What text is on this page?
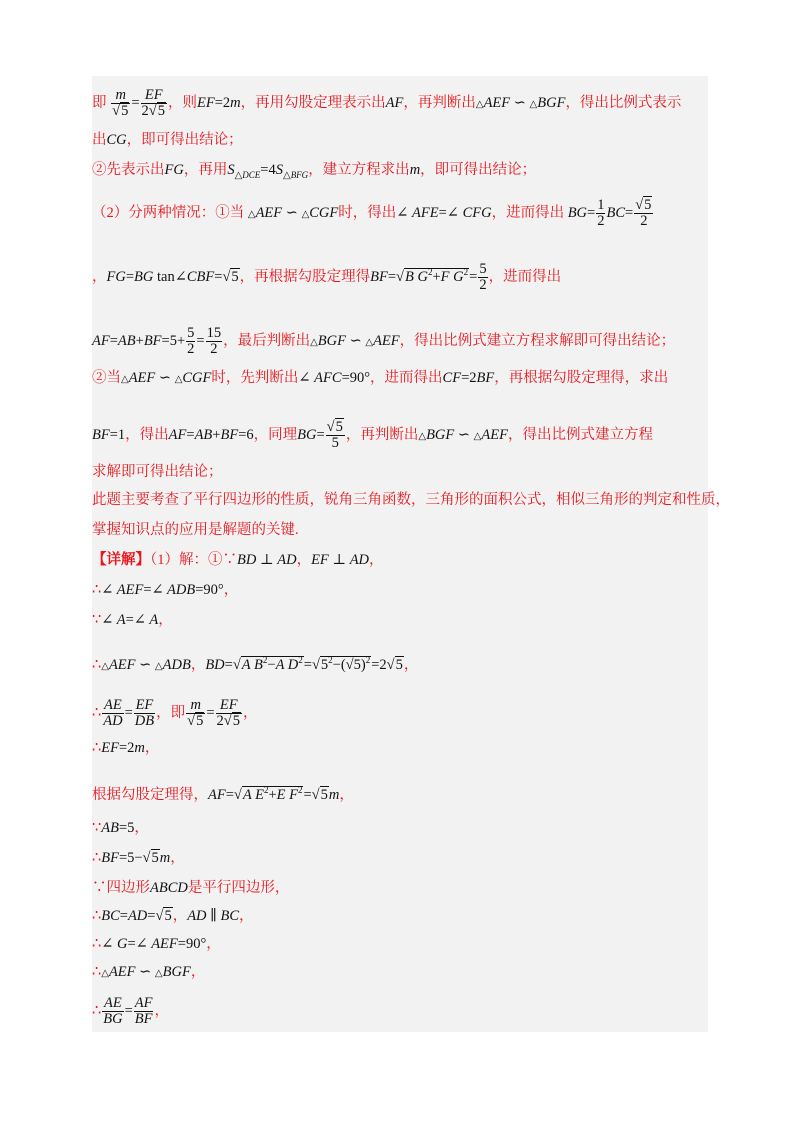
即 $\frac{m}{√5} = \frac{EF}{2√5}$ ，则EF=2m，再用勾股定理表示出AF，再判断出△AEF ∽ △BGF，得出比例式表示
出CG，即可得出结论；
②先表示出FG，再用$S_{\triangle DCE}=4S_{\triangle BFG}$，建立方程求出m，即可得出结论；
（2）分两种情况：①当 △AEF ∽ △CGF时，得出∠ AFE=∠ CFG，进而得出 $BG= \frac{1}{2} BC= \frac{√5}{2}$
，FG=BG tan∠CBF=√5，再根据勾股定理得BF=√B $G^2+F$ $G^2= \frac{5}{2}$ ，进而得出
$AF=AB+BF=5+ \frac{5}{2} = \frac{15}{2}$ ，最后判断出△BGF ∽ △AEF，得出比例式建立方程求解即可得出结论；
②当△AEF ∽ △CGF时，先判断出∠ AFC=90°，进而得出CF=2BF，再根据勾股定理得，求出
BF=1，得出AF=AB+BF=6，同理$BG= \frac{√5}{5}$ ，再判断出△BGF ∽ △AEF，得出比例式建立方程
求解即可得出结论；
此题主要考查了平行四边形的性质，锐角三角函数，三角形的面积公式，相似三角形的判定和性质，
掌握知识点的应用是解题的关键.
【详解】（1）解：①∵BD ⊥ AD，EF ⊥ AD，
∴∠ AEF=∠ ADB=90°，
∵∠ A=∠ A，
∴△AEF ∽ △ADB，BD=√A $B^2-A$ $D^2=√5^2-(√5)^2=2√5$，
∴ $\frac{AE}{AD} = \frac{EF}{DB}$ ，即 $\frac{m}{√5} = \frac{EF}{2√5}$ ，
∴EF=2m，
根据勾股定理得，AF=√A $E^2+E$ $F^2=√5m$，
∵AB=5，
∴BF=5−√5m，
∵四边形ABCD是平行四边形，
∴BC=AD=√5，AD ∥ BC，
∴∠ G=∠ AEF=90°，
∴△AEF ∽ △BGF，
∴ $\frac{AE}{BG} = \frac{AF}{BF}$ ，
